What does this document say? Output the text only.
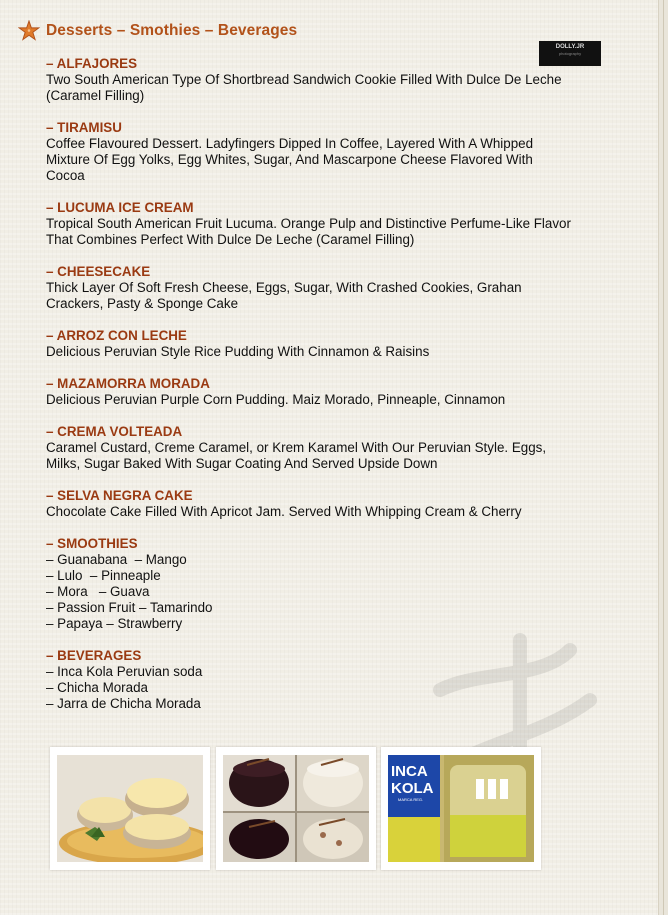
Desserts – Smothies – Beverages
DOLLY.JR
photography
– ALFAJORES
Two South American Type Of Shortbread Sandwich Cookie Filled With Dulce De Leche
(Caramel Filling)
– TIRAMISU
Coffee Flavoured Dessert. Ladyfingers Dipped In Coffee, Layered With A Whipped
Mixture Of Egg Yolks, Egg Whites, Sugar, And Mascarpone Cheese Flavored With
Cocoa
– LUCUMA ICE CREAM
Tropical South American Fruit Lucuma. Orange Pulp and Distinctive Perfume-Like Flavor
That Combines Perfect With Dulce De Leche (Caramel Filling)
– CHEESECAKE
Thick Layer Of Soft Fresh Cheese, Eggs, Sugar, With Crashed Cookies, Grahan
Crackers, Pasty & Sponge Cake
– ARROZ CON LECHE
Delicious Peruvian Style Rice Pudding With Cinnamon & Raisins
– MAZAMORRA MORADA
Delicious Peruvian Purple Corn Pudding. Maiz Morado, Pinneaple, Cinnamon
– CREMA VOLTEADA
Caramel Custard, Creme Caramel, or Krem Karamel With Our Peruvian Style. Eggs,
Milks, Sugar Baked With Sugar Coating And Served Upside Down
– SELVA NEGRA CAKE
Chocolate Cake Filled With Apricot Jam. Served With Whipping Cream & Cherry
– SMOOTHIES
– Guanabana  – Mango
– Lulo  – Pinneaple
– Mora   – Guava
– Passion Fruit – Tamarindo
– Papaya – Strawberry
– BEVERAGES
– Inca Kola Peruvian soda
– Chicha Morada
– Jarra de Chicha Morada
INCA
KOLA
MARCA REG.
